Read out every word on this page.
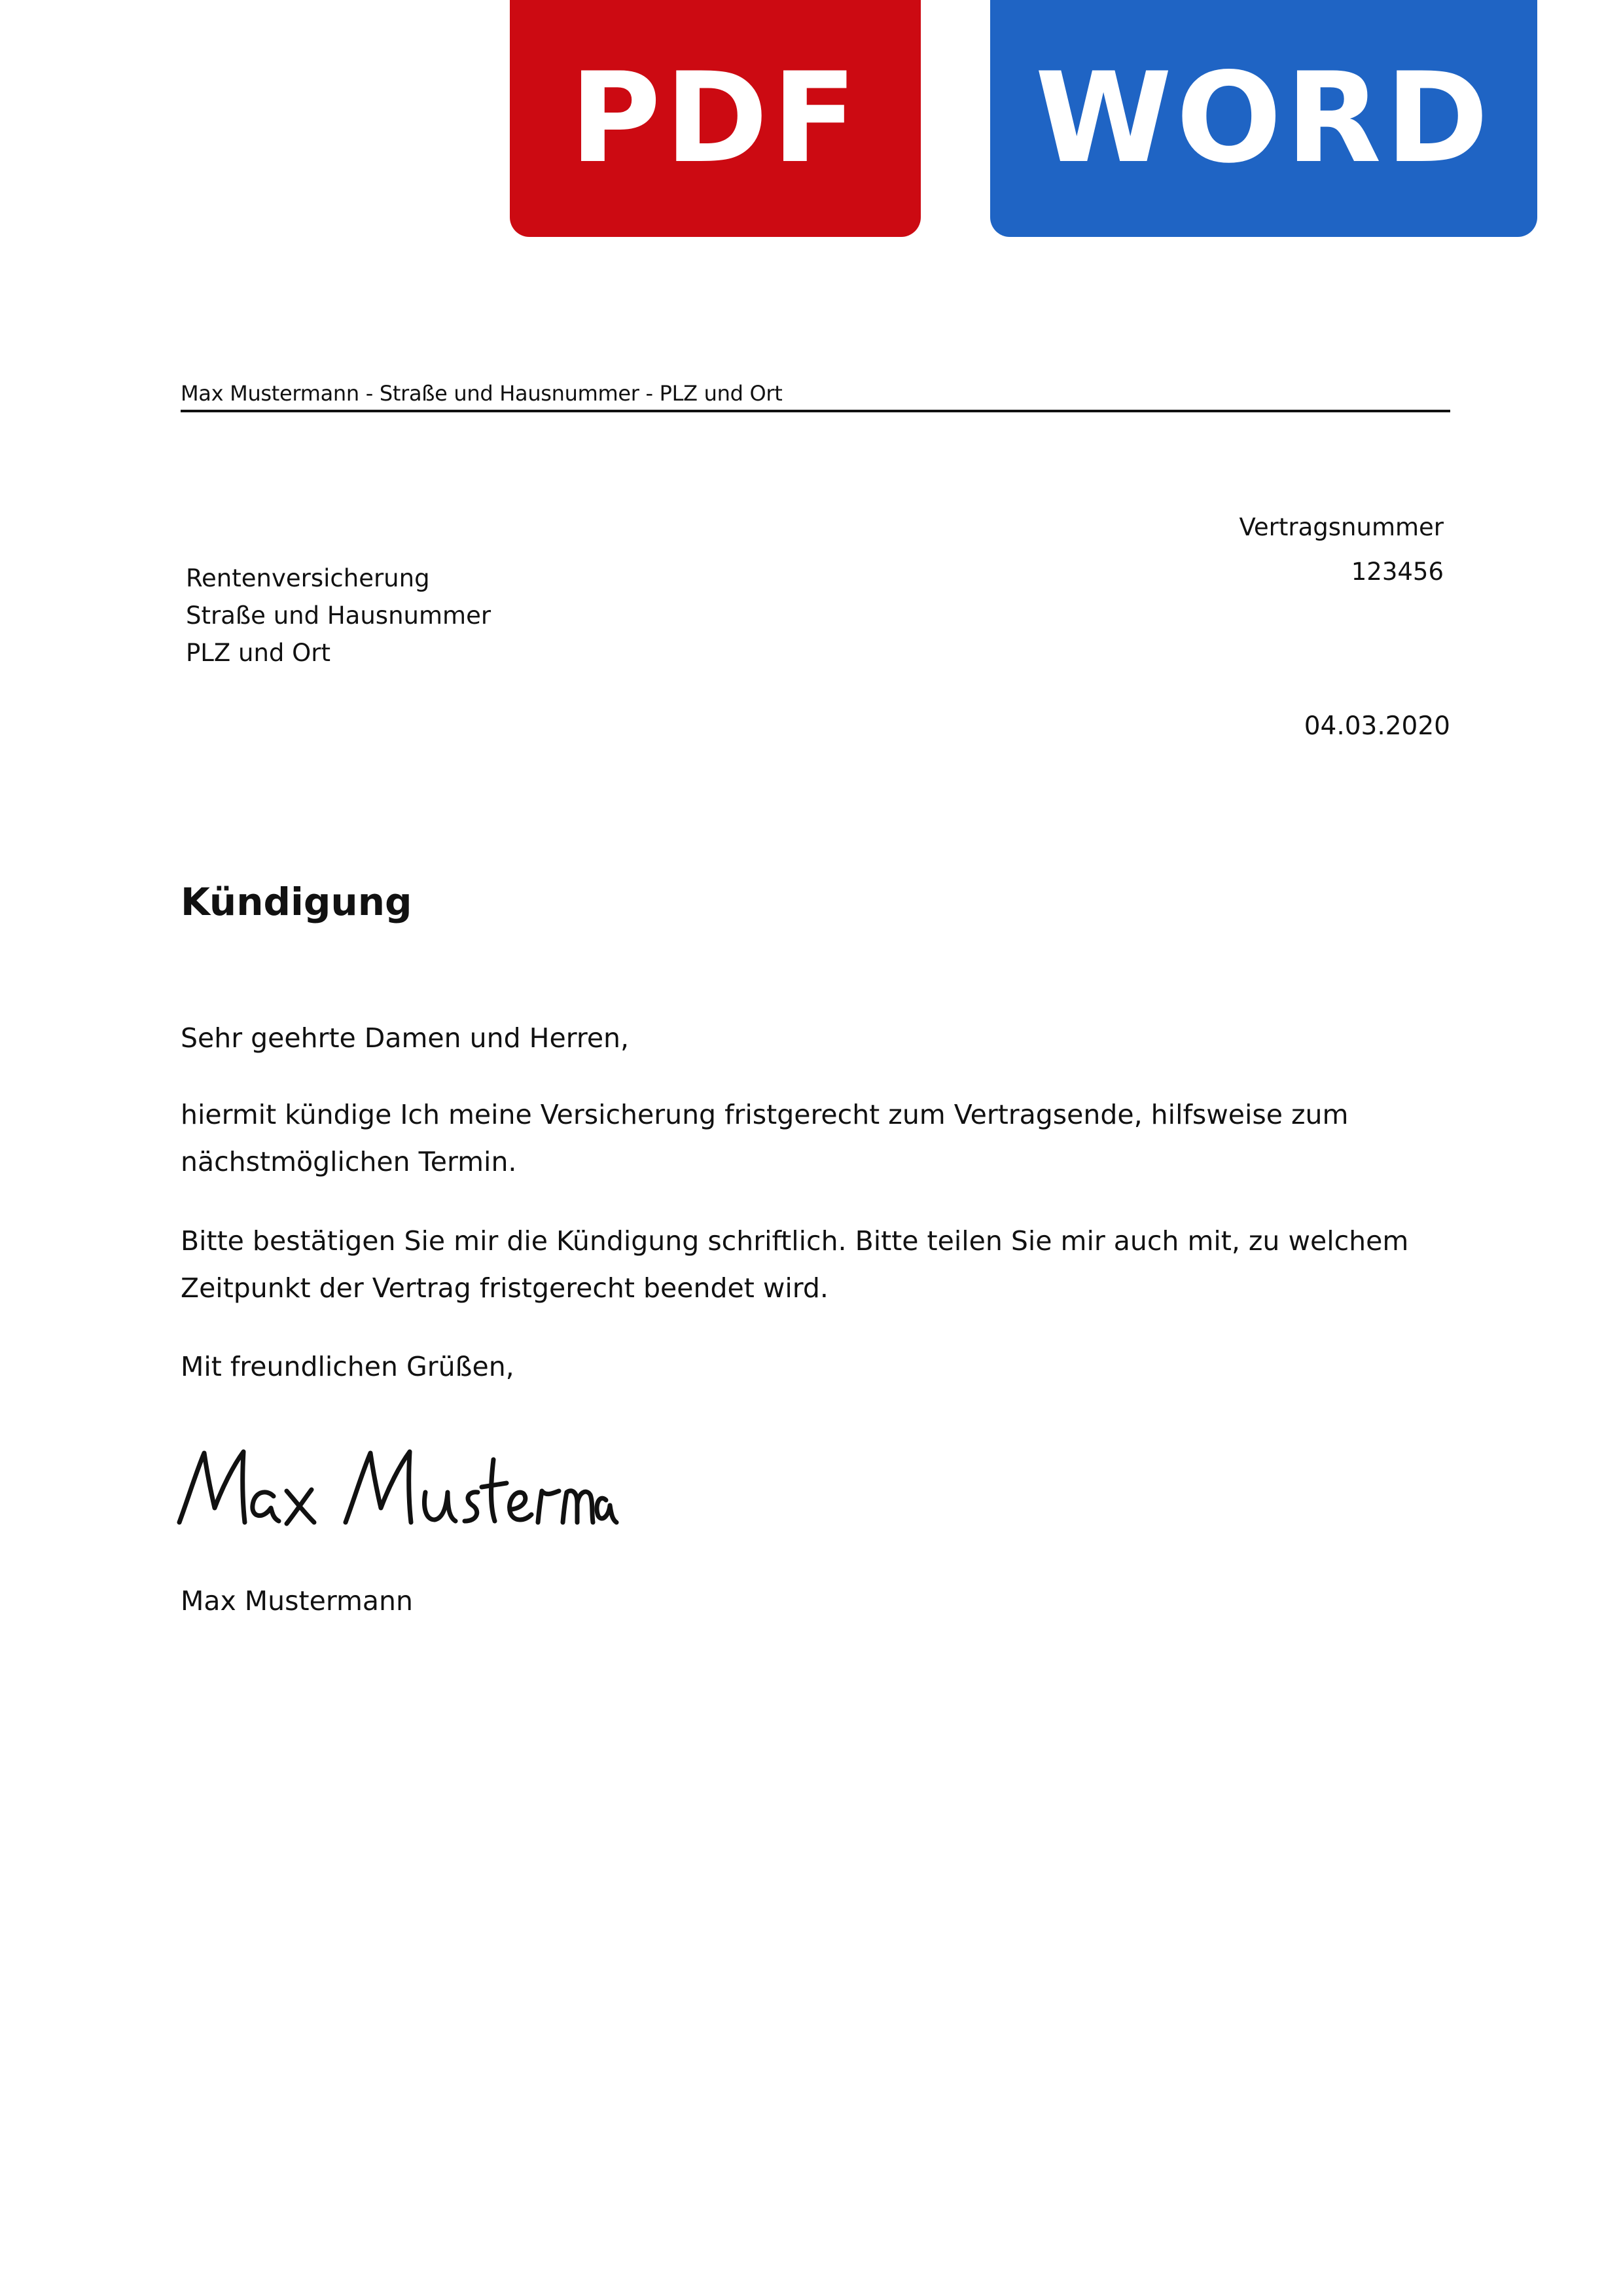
PDF	WORD
Max Mustermann - Straße und Hausnummer - PLZ und Ort
Vertragsnummer
123456
Rentenversicherung
Straße und Hausnummer
PLZ und Ort
04.03.2020
Kündigung
Sehr geehrte Damen und Herren,
hiermit kündige Ich meine Versicherung fristgerecht zum Vertragsende, hilfsweise zum nächstmöglichen Termin.
Bitte bestätigen Sie mir die Kündigung schriftlich. Bitte teilen Sie mir auch mit, zu welchem Zeitpunkt der Vertrag fristgerecht beendet wird.
Mit freundlichen Grüßen,
Max Mustermann
